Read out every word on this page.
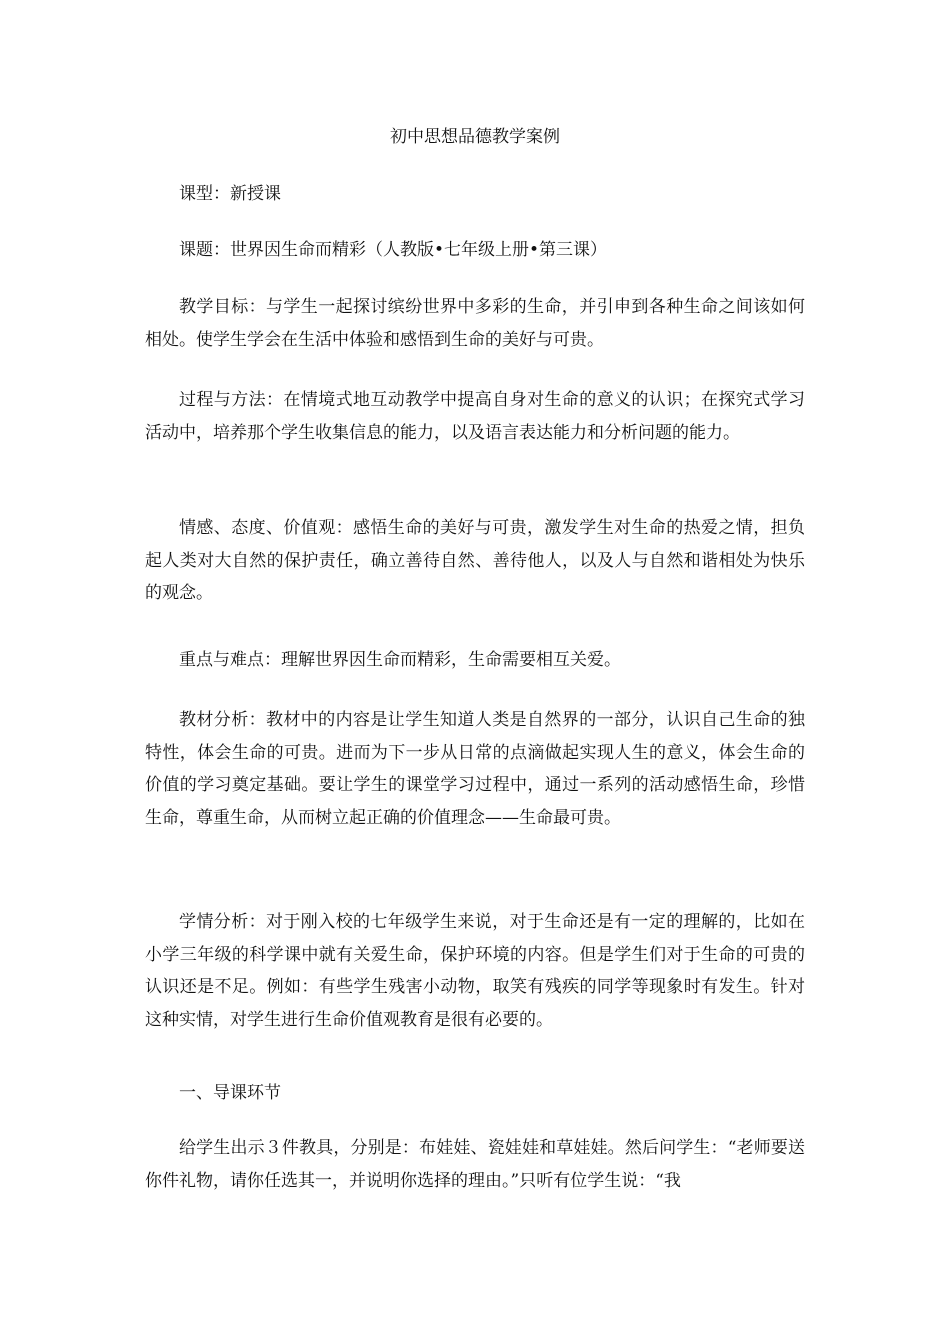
初中思想品德教学案例
课型：新授课
课题：世界因生命而精彩（人教版•七年级上册•第三课）
教学目标：与学生一起探讨缤纷世界中多彩的生命，并引申到各种生命之间该如何相处。使学生学会在生活中体验和感悟到生命的美好与可贵。
过程与方法：在情境式地互动教学中提高自身对生命的意义的认识；在探究式学习活动中，培养那个学生收集信息的能力，以及语言表达能力和分析问题的能力。
情感、态度、价值观：感悟生命的美好与可贵，激发学生对生命的热爱之情，担负起人类对大自然的保护责任，确立善待自然、善待他人，以及人与自然和谐相处为快乐的观念。
重点与难点：理解世界因生命而精彩，生命需要相互关爱。
教材分析：教材中的内容是让学生知道人类是自然界的一部分，认识自己生命的独特性，体会生命的可贵。进而为下一步从日常的点滴做起实现人生的意义，体会生命的价值的学习奠定基础。要让学生的课堂学习过程中，通过一系列的活动感悟生命，珍惜生命，尊重生命，从而树立起正确的价值理念——生命最可贵。
学情分析：对于刚入校的七年级学生来说，对于生命还是有一定的理解的，比如在小学三年级的科学课中就有关爱生命，保护环境的内容。但是学生们对于生命的可贵的认识还是不足。例如：有些学生残害小动物，取笑有残疾的同学等现象时有发生。针对这种实情，对学生进行生命价值观教育是很有必要的。
一、导课环节
给学生出示３件教具，分别是：布娃娃、瓷娃娃和草娃娃。然后问学生：“老师要送你件礼物，请你任选其一，并说明你选择的理由。”只听有位学生说：“我
